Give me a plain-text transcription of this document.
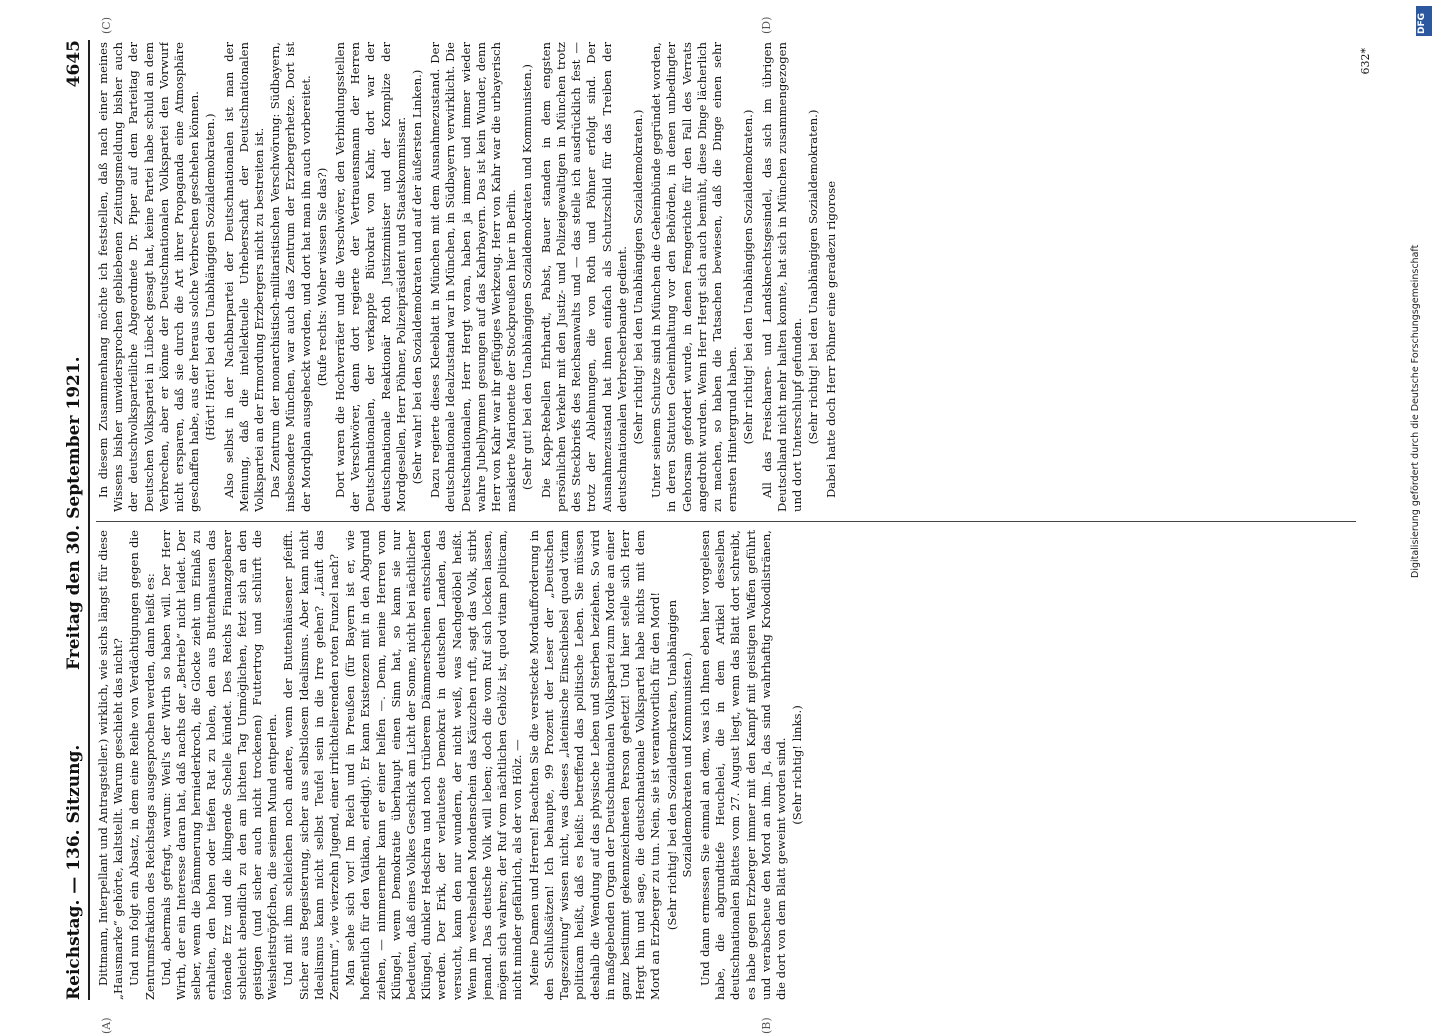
Reichstag. — 136. Sitzung.
Freitag den 30. September 1921.
4645

Dittmann, Interpellant und Antragsteller.) wirklich, wie sichs längst für diese „Hausmarke“ gehörte, kaltstellt. Warum geschieht das nicht? Und nun folgt ein Absatz, in dem eine Reihe von Verdächtigungen gegen die Zentrumsfraktion des Reichstags ausgesprochen werden, dann heißt es: Und, abermals gefragt, warum: Weil's der Wirth so haben will. Der Herr Wirth, der ein Interesse daran hat, daß nachts der „Betrieb“ nicht leidet. Der selber, wenn die Dämmerung herniederkroch, die Glocke zieht um Einlaß zu erhalten, den hohen oder tiefen Rat zu holen, den aus Buttenhausen das tönende Erz und die klingende Schelle kündet. Des Reichs Finanzgebarer schleicht abendlich zu den am lichten Tag Unmöglichen, fetzt sich an den geistigen (und sicher auch nicht trockenen) Futtertrog und schlürft die Weisheitströpfchen, die seinem Mund entperlen. Und mit ihm schleichen noch andere, wenn der Buttenhäusener pfeifft. Sicher aus Begeisterung, sicher aus selbstlosem Idealismus. Aber kann nicht Idealismus kann nicht selbst Teufel sein in die Irre gehen? „Läuft das Zentrum“, wie vierzehn Jugend, einer irrlichtelierenden roten Funzel nach? Man sehe sich vor! Im Reich und in Preußen (für Bayern ist er, wie hoffentlich für den Vatikan, erledigt). Er kann Existenzen mit in den Abgrund ziehen, — nimmermehr kann er einer helfen —. Denn, meine Herren vom Klüngel, wenn Demokratie überhaupt einen Sinn hat, so kann sie nur bedeuten, daß eines Volkes Geschick am Licht der Sonne, nicht bei nächtlicher Klüngel, dunkler Hedschra und noch trüberem Dämmerscheinen entschieden werden. Der Erik, der verlauteste Demokrat in deutschen Landen, das versucht, kann den nur wundern, der nicht weiß, was Nachgedöbel heißt. Wenn im wechselnden Mondenschein das Käuzchen ruft, sagt das Volk, stirbt jemand. Das deutsche Volk will leben; doch die vom Ruf sich locken lassen, mögen sich wahren; der Ruf vom nächtlichen Gehölz ist, quod vitam politicam, nicht minder gefährlich, als der von Hölz. — Meine Damen und Herren! Beachten Sie die versteckte Mordaufforderung in den Schlußsätzen! Ich behaupte, 99 Prozent der Leser der „Deutschen Tageszeitung“ wissen nicht, was dieses „lateinische Einschiebsel quoad vitam politicam heißt, daß es heißt: betreffend das politische Leben. Sie müssen deshalb die Wendung auf das physische Leben und Sterben beziehen. So wird in maßgebenden Organ der Deutschnationalen Volkspartei zum Morde an einer ganz bestimmt gekennzeichneten Person gehetzt! Und hier stelle sich Herr Hergt hin und sage, die deutschnationale Volkspartei habe nichts mit dem Mord an Erzberger zu tun. Nein, sie ist verantwortlich für den Mord! (Sehr richtig! bei den Sozialdemokraten, Unabhängigen Sozialdemokraten und Kommunisten.) Und dann ermessen Sie einmal an dem, was ich Ihnen eben hier vorgelesen habe, die abgrundtiefe Heuchelei, die in dem Artikel desselben deutschnationalen Blattes vom 27. August liegt, wenn das Blatt dort schreibt, es habe gegen Erzberger immer mit den Kampf mit geistigen Waffen geführt und verabscheue den Mord an ihm. Ja, das sind wahrhaftig Krokodilstränen, die dort von dem Blatt geweint worden sind. (Sehr richtig! links.)

In diesem Zusammenhang möchte ich feststellen, daß nach einer meines Wissens bisher unwidersprochen gebliebenen Zeitungsmeldung bisher auch der deutschvolksparteiliche Abgeordnete Dr. Piper auf dem Parteitag der Deutschen Volkspartei in Lübeck gesagt hat, keine Partei habe schuld an dem Verbrechen, aber er könne der Deutschnationalen Volkspartei den Vorwurf nicht ersparen, daß sie durch die Art ihrer Propaganda eine Atmosphäre geschaffen habe, aus der heraus solche Verbrechen geschehen können. (Hört! Hört! bei den Unabhängigen Sozialdemokraten.) Also selbst in der Nachbarpartei der Deutschnationalen ist man der Meinung, daß die intellektuelle Urheberschaft der Deutschnationalen Volkspartei an der Ermordung Erzbergers nicht zu bestreiten ist. Das Zentrum der monarchistisch-militaristischen Verschwörung: Südbayern, insbesondere München, war auch das Zentrum der Erzbergerhetze. Dort ist der Mordplan ausgeheckt worden, und dort hat man ihn auch vorbereitet. (Rufe rechts: Woher wissen Sie das?) Dort waren die Hochverräter und die Verschwörer, den Verbindungsstellen der Verschwörer, denn dort regierte der Vertrauensmann der Herren Deutschnationalen, der verkappte Bürokrat von Kahr, dort war der deutschnationale Reaktionär Roth Justizminister und der Komplize der Mordgesellen, Herr Pöhner, Polizeipräsident und Staatskommissar. (Sehr wahr! bei den Sozialdemokraten und auf der äußersten Linken.) Dazu regierte dieses Kleeblatt in München mit dem Ausnahmezustand. Der deutschnationale Idealzustand war in München, in Südbayern verwirklicht. Die Deutschnationalen, Herr Hergt voran, haben ja immer und immer wieder wahre Jubelhymnen gesungen auf das Kahrbayern. Das ist kein Wunder, denn Herr von Kahr war ihr gefügiges Werkzeug. Herr von Kahr war die urbayerisch maskierte Marionette der Stockpreußen hier in Berlin. (Sehr gut! bei den Unabhängigen Sozialdemokraten und Kommunisten.) Die Kapp-Rebellen Ehrhardt, Pabst, Bauer standen in dem engsten persönlichen Verkehr mit den Justiz- und Polizeigewaltigen in München trotz des Steckbriefs des Reichsanwalts und — das stelle ich ausdrücklich fest — trotz der Ablehnungen, die von Roth und Pöhner erfolgt sind. Der Ausnahmezustand hat ihnen einfach als Schutzschild für das Treiben der deutschnationalen Verbrecherbande gedient. (Sehr richtig! bei den Unabhängigen Sozialdemokraten.) Unter seinem Schutze sind in München die Geheimbünde gegründet worden, in deren Statuten Geheimhaltung vor den Behörden, in denen unbedingter Gehorsam gefordert wurde, in denen Femgerichte für den Fall des Verrats angedroht wurden. Wenn Herr Hergt sich auch bemüht, diese Dinge lächerlich zu machen, so haben die Tatsachen bewiesen, daß die Dinge einen sehr ernsten Hintergrund haben. (Sehr richtig! bei den Unabhängigen Sozialdemokraten.) All das Freischaren- und Landsknechtsgesindel, das sich im übrigen Deutschland nicht mehr halten konnte, hat sich in München zusammengezogen und dort Unterschlupf gefunden. (Sehr richtig! bei den Unabhängigen Sozialdemokraten.) Dabei hatte doch Herr Pöhner eine geradezu rigorose

(A)	(B)
(C)	(D)
632*
DFG
Digitalisierung gefördert durch die Deutsche Forschungsgemeinschaft
